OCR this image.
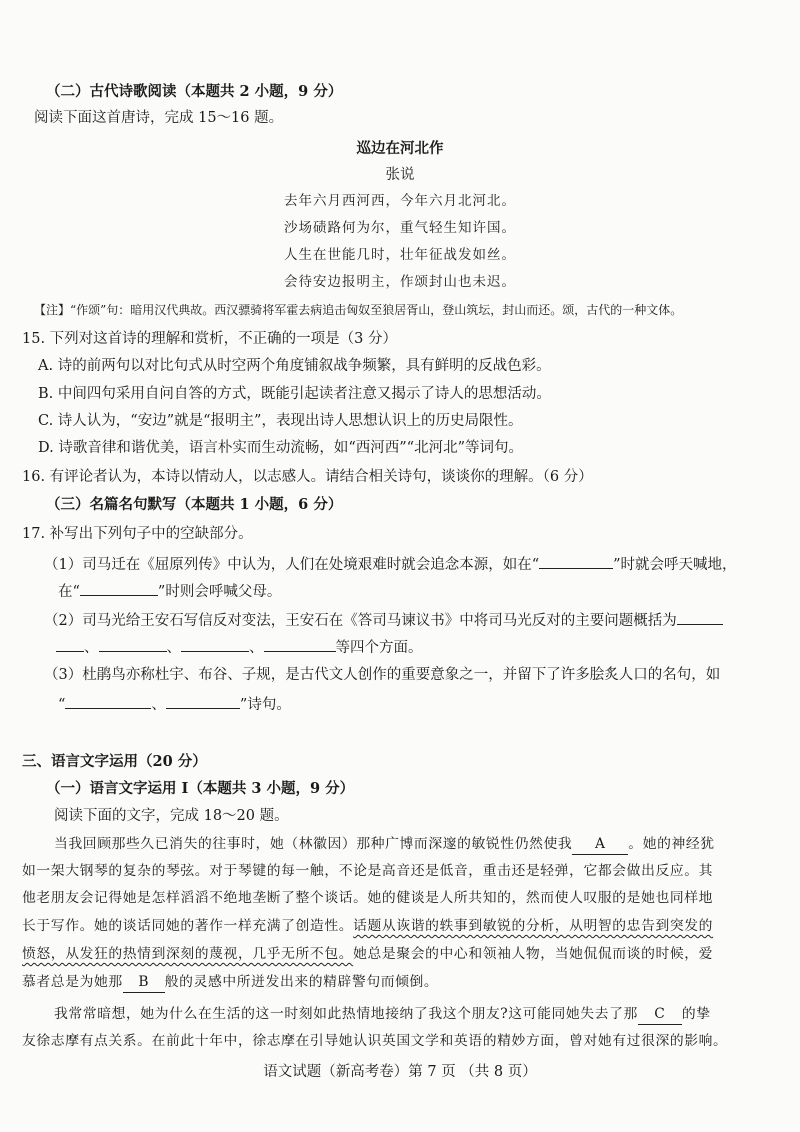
（二）古代诗歌阅读（本题共 2 小题，9 分）
阅读下面这首唐诗，完成 15～16 题。
巡边在河北作
张说
去年六月西河西，今年六月北河北。
沙场碛路何为尔，重气轻生知许国。
人生在世能几时，壮年征战发如丝。
会待安边报明主，作颂封山也未迟。
【注】“作颂”句：暗用汉代典故。西汉骠骑将军霍去病追击匈奴至狼居胥山，登山筑坛，封山而还。颂，古代的一种文体。
15. 下列对这首诗的理解和赏析，不正确的一项是（3 分）
A. 诗的前两句以对比句式从时空两个角度铺叙战争频繁，具有鲜明的反战色彩。
B. 中间四句采用自问自答的方式，既能引起读者注意又揭示了诗人的思想活动。
C. 诗人认为，“安边”就是“报明主”，表现出诗人思想认识上的历史局限性。
D. 诗歌音律和谐优美，语言朴实而生动流畅，如“西河西”“北河北”等词句。
16. 有评论者认为，本诗以情动人，以志感人。请结合相关诗句，谈谈你的理解。（6 分）
（三）名篇名句默写（本题共 1 小题，6 分）
17. 补写出下列句子中的空缺部分。
（1）司马迁在《屈原列传》中认为，人们在处境艰难时就会追念本源，如在“	”时就会呼天喊地，
在“	”时则会呼喊父母。
（2）司马光给王安石写信反对变法，王安石在《答司马谏议书》中将司马光反对的主要问题概括为
、	、	、	等四个方面。
（3）杜鹃鸟亦称杜宇、布谷、子规，是古代文人创作的重要意象之一，并留下了许多脍炙人口的名句，如
“	、	”诗句。
三、语言文字运用（20 分）
（一）语言文字运用 I（本题共 3 小题，9 分）
阅读下面的文字，完成 18～20 题。
当我回顾那些久已消失的往事时，她（林徽因）那种广博而深邃的敏锐性仍然使我 A 。她的神经犹
如一架大钢琴的复杂的琴弦。对于琴键的每一触，不论是高音还是低音，重击还是轻弹，它都会做出反应。其
他老朋友会记得她是怎样滔滔不绝地垄断了整个谈话。她的健谈是人所共知的，然而使人叹服的是她也同样地
长于写作。她的谈话同她的著作一样充满了创造性。话题从诙谐的轶事到敏锐的分析，从明智的忠告到突发的
愤怒，从发狂的热情到深刻的蔑视，几乎无所不包。她总是聚会的中心和领袖人物，当她侃侃而谈的时候，爱
慕者总是为她那 B 般的灵感中所迸发出来的精辟警句而倾倒。
我常常暗想，她为什么在生活的这一时刻如此热情地接纳了我这个朋友?这可能同她失去了那 C 的挚
友徐志摩有点关系。在前此十年中，徐志摩在引导她认识英国文学和英语的精妙方面，曾对她有过很深的影响。
语文试题（新高考卷）第 7 页 （共 8 页）
